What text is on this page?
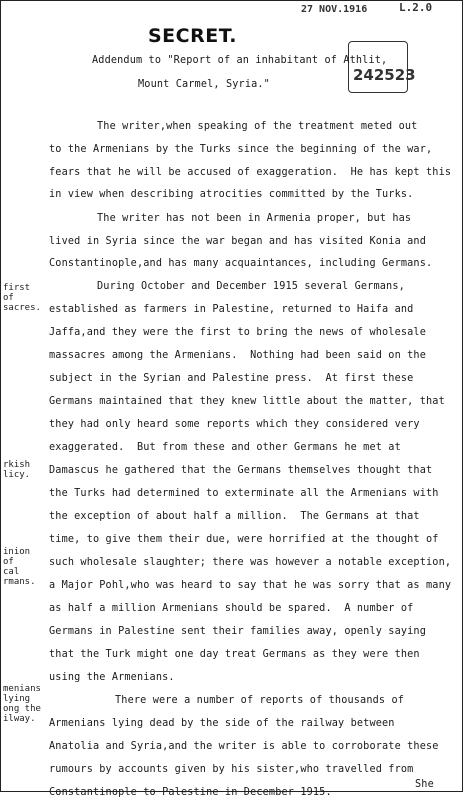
L.2.0
27 NOV.1916
SECRET.
242523
Addendum to "Report of an inhabitant of Athlit,
Mount Carmel, Syria."
first
of
sacres.
rkish
licy.
inion
of
cal
rmans.
menians
lying
ong the
ilway.
The writer,when speaking of the treatment meted out
to the Armenians by the Turks since the beginning of the war,
fears that he will be accused of exaggeration.  He has kept this
in view when describing atrocities committed by the Turks.
The writer has not been in Armenia proper, but has
lived in Syria since the war began and has visited Konia and
Constantinople,and has many acquaintances, including Germans.
During October and December 1915 several Germans,
established as farmers in Palestine, returned to Haifa and
Jaffa,and they were the first to bring the news of wholesale
massacres among the Armenians.  Nothing had been said on the
subject in the Syrian and Palestine press.  At first these
Germans maintained that they knew little about the matter, that
they had only heard some reports which they considered very
exaggerated.  But from these and other Germans he met at
Damascus he gathered that the Germans themselves thought that
the Turks had determined to exterminate all the Armenians with
the exception of about half a million.  The Germans at that
time, to give them their due, were horrified at the thought of
such wholesale slaughter; there was however a notable exception,
a Major Pohl,who was heard to say that he was sorry that as many
as half a million Armenians should be spared.  A number of
Germans in Palestine sent their families away, openly saying
that the Turk might one day treat Germans as they were then
using the Armenians.
There were a number of reports of thousands of
Armenians lying dead by the side of the railway between
Anatolia and Syria,and the writer is able to corroborate these
rumours by accounts given by his sister,who travelled from
Constantinople to Palestine in December 1915.
She
